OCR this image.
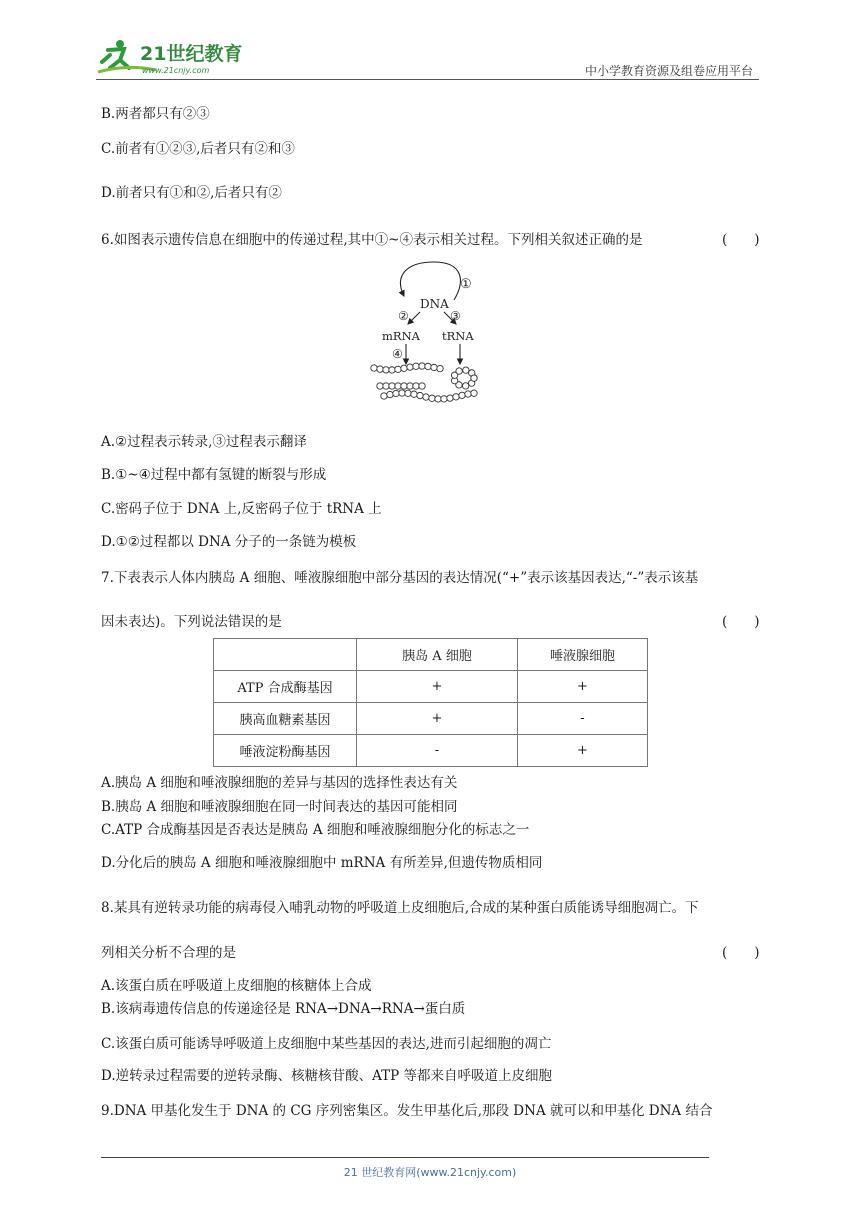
21世纪教育
www.21cnjy.com	中小学教育资源及组卷应用平台
B.两者都只有②③
C.前者有①②③,后者只有②和③
D.前者只有①和②,后者只有②
6.如图表示遗传信息在细胞中的传递过程,其中①~④表示相关过程。下列相关叙述正确的是	(　　)
①
DNA
②	③
mRNA tRNA
④
A.②过程表示转录,③过程表示翻译
B.①~④过程中都有氢键的断裂与形成
C.密码子位于 DNA 上,反密码子位于 tRNA 上
D.①②过程都以 DNA 分子的一条链为模板
7.下表表示人体内胰岛 A 细胞、唾液腺细胞中部分基因的表达情况(“+”表示该基因表达,“-”表示该基
因未表达)。下列说法错误的是	(　　)
	胰岛 A 细胞	唾液腺细胞
ATP 合成酶基因	+	+
胰高血糖素基因	+	-
唾液淀粉酶基因	-	+
A.胰岛 A 细胞和唾液腺细胞的差异与基因的选择性表达有关
B.胰岛 A 细胞和唾液腺细胞在同一时间表达的基因可能相同
C.ATP 合成酶基因是否表达是胰岛 A 细胞和唾液腺细胞分化的标志之一
D.分化后的胰岛 A 细胞和唾液腺细胞中 mRNA 有所差异,但遗传物质相同
8.某具有逆转录功能的病毒侵入哺乳动物的呼吸道上皮细胞后,合成的某种蛋白质能诱导细胞凋亡。下
列相关分析不合理的是	(　　)
A.该蛋白质在呼吸道上皮细胞的核糖体上合成
B.该病毒遗传信息的传递途径是 RNA→DNA→RNA→蛋白质
C.该蛋白质可能诱导呼吸道上皮细胞中某些基因的表达,进而引起细胞的凋亡
D.逆转录过程需要的逆转录酶、核糖核苷酸、ATP 等都来自呼吸道上皮细胞
9.DNA 甲基化发生于 DNA 的 CG 序列密集区。发生甲基化后,那段 DNA 就可以和甲基化 DNA 结合
21 世纪教育网(www.21cnjy.com)
